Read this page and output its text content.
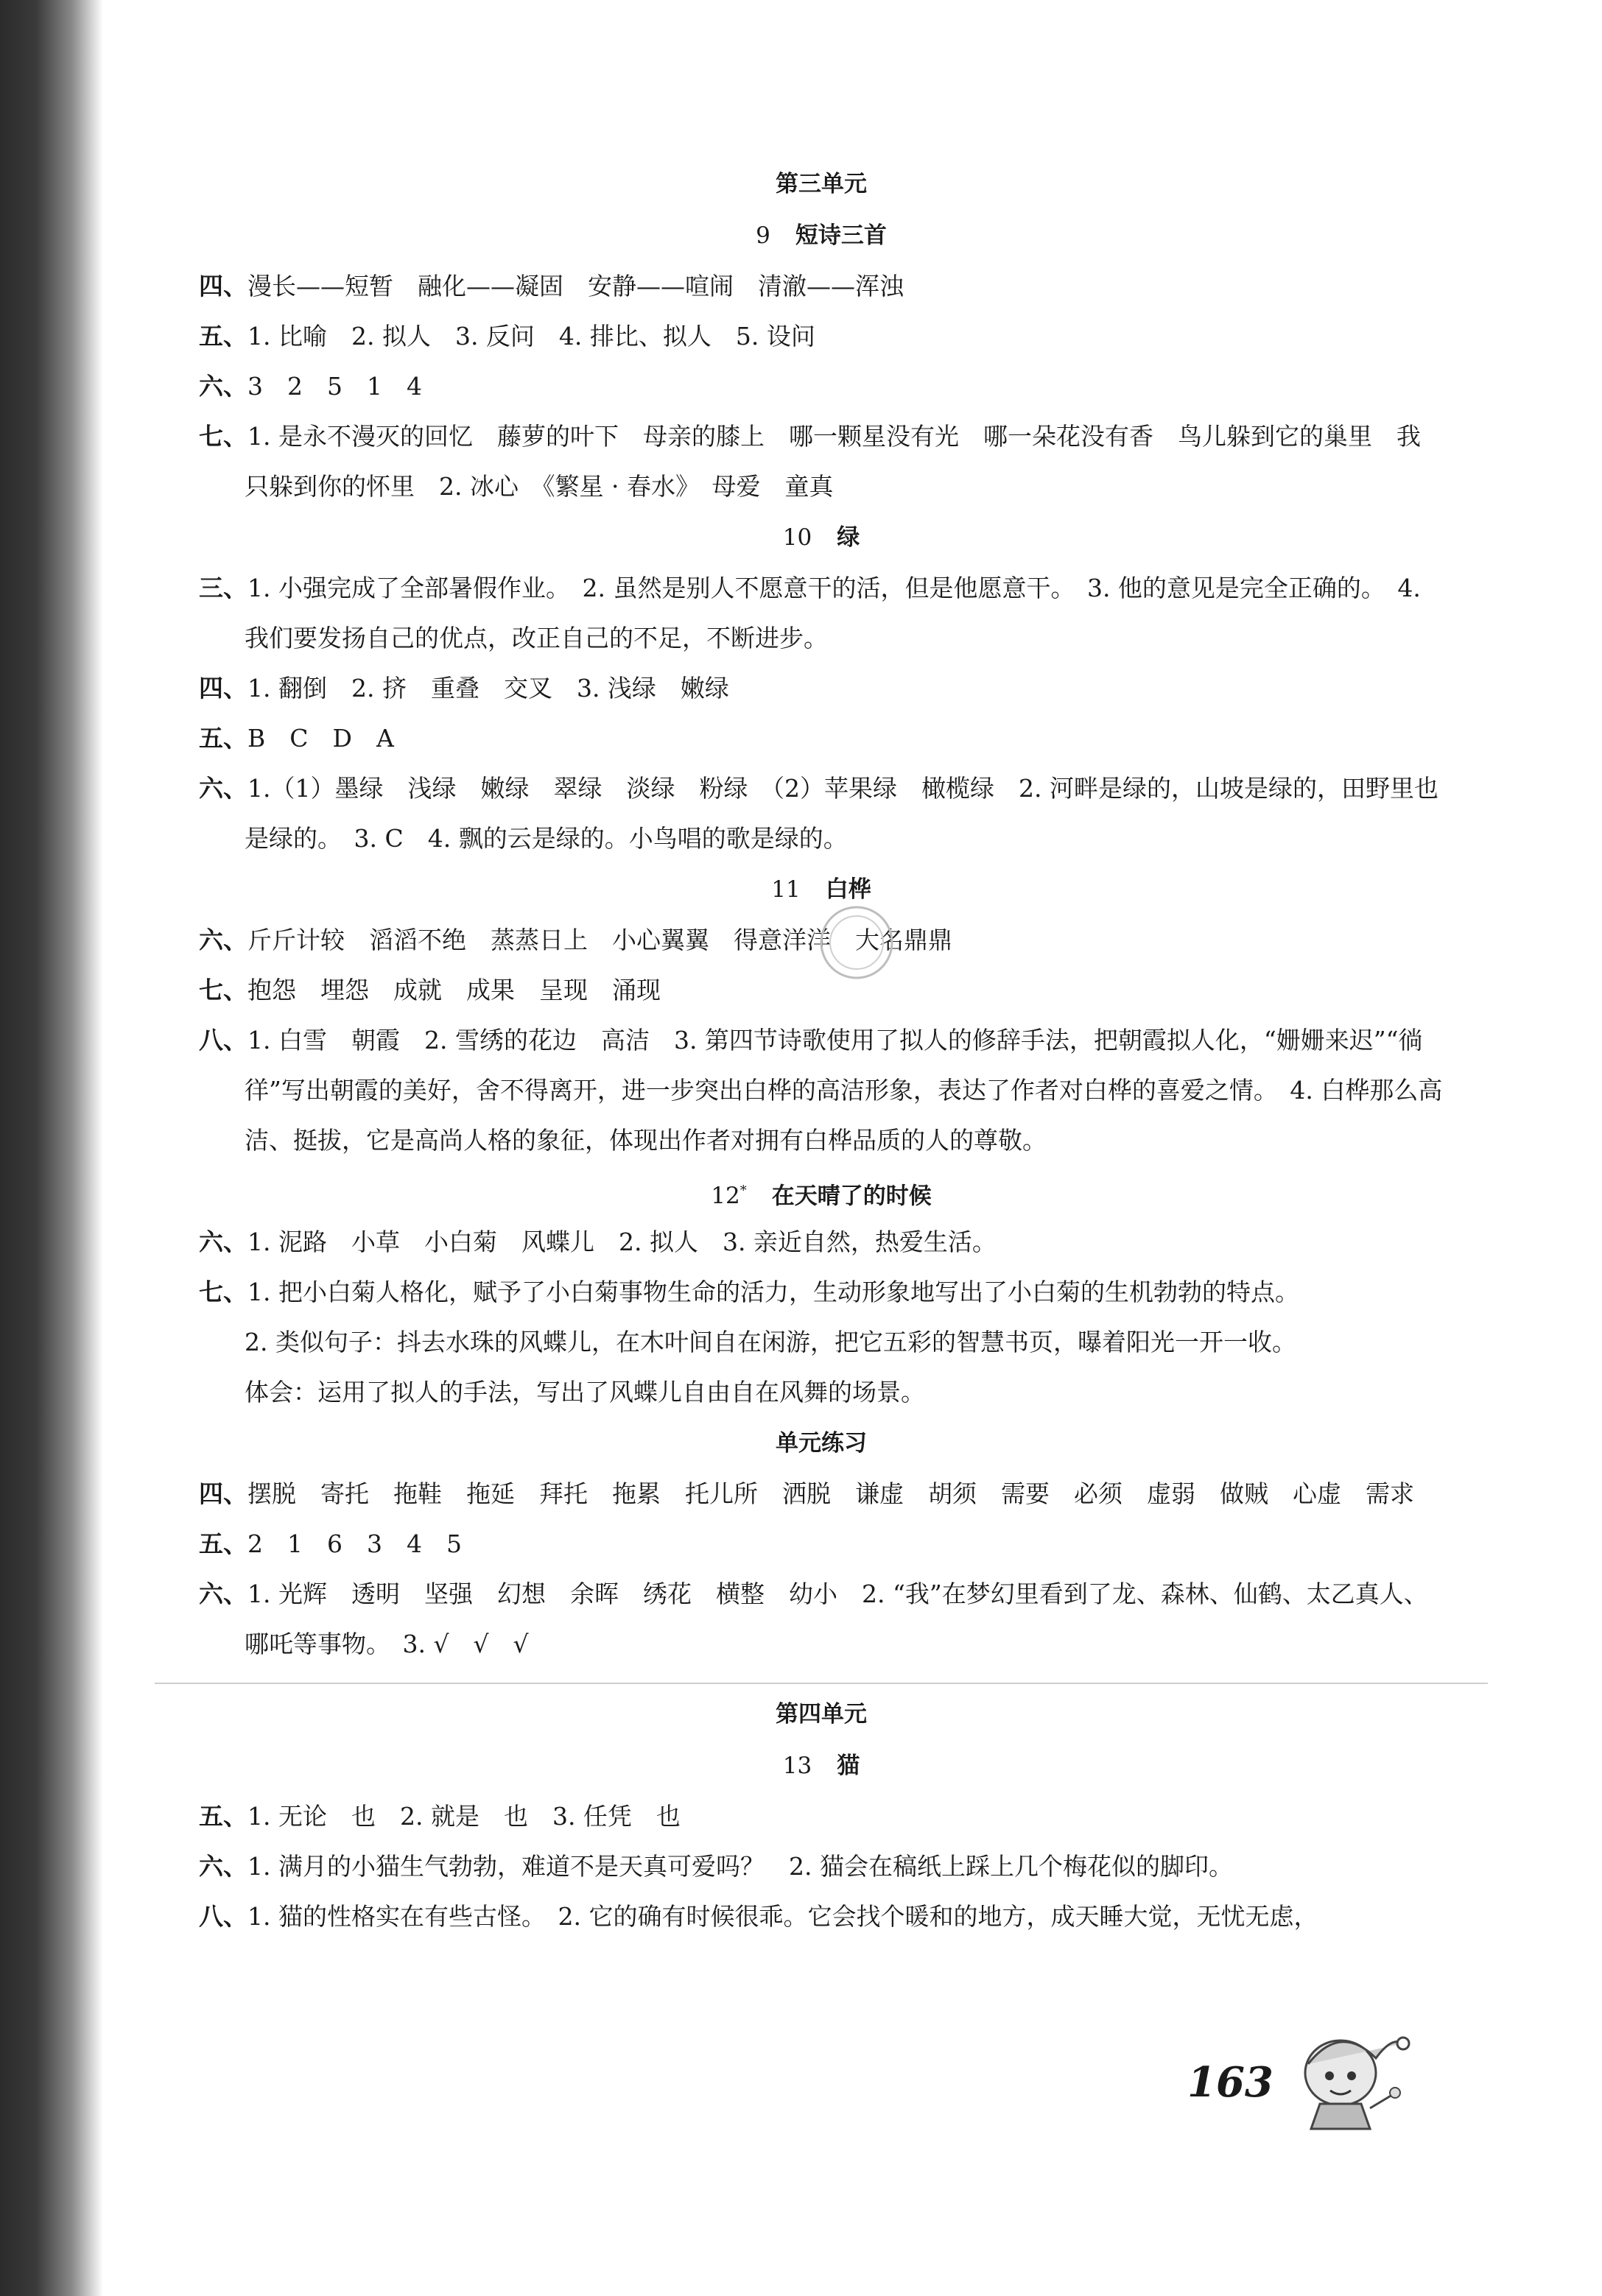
第三单元
9 短诗三首
四、漫长——短暂　融化——凝固　安静——喧闹　清澈——浑浊
五、1. 比喻　2. 拟人　3. 反问　4. 排比、拟人　5. 设问
六、3　2　5　1　4
七、1. 是永不漫灭的回忆　藤萝的叶下　母亲的膝上　哪一颗星没有光　哪一朵花没有香　鸟儿躲到它的巢里　我只躲到你的怀里　2. 冰心　《繁星 · 春水》　母爱　童真
10 绿
三、1. 小强完成了全部暑假作业。　2. 虽然是别人不愿意干的活，但是他愿意干。　3. 他的意见是完全正确的。　4. 我们要发扬自己的优点，改正自己的不足，不断进步。
四、1. 翻倒　2. 挤　重叠　交叉　3. 浅绿　嫩绿
五、B　C　D　A
六、1.（1）墨绿　浅绿　嫩绿　翠绿　淡绿　粉绿　（2）苹果绿　橄榄绿　2. 河畔是绿的，山坡是绿的，田野里也是绿的。　3. C　4. 飘的云是绿的。小鸟唱的歌是绿的。
11 白桦
六、斤斤计较　滔滔不绝　蒸蒸日上　小心翼翼　得意洋洋　大名鼎鼎
七、抱怨　埋怨　成就　成果　呈现　涌现
八、1. 白雪　朝霞　2. 雪绣的花边　高洁　3. 第四节诗歌使用了拟人的修辞手法，把朝霞拟人化，“姗姗来迟”“徜徉”写出朝霞的美好，舍不得离开，进一步突出白桦的高洁形象，表达了作者对白桦的喜爱之情。　4. 白桦那么高洁、挺拔，它是高尚人格的象征，体现出作者对拥有白桦品质的人的尊敬。
12* 在天晴了的时候
六、1. 泥路　小草　小白菊　风蝶儿　2. 拟人　3. 亲近自然，热爱生活。
七、1. 把小白菊人格化，赋予了小白菊事物生命的活力，生动形象地写出了小白菊的生机勃勃的特点。
2. 类似句子：抖去水珠的风蝶儿，在木叶间自在闲游，把它五彩的智慧书页，曝着阳光一开一收。
体会：运用了拟人的手法，写出了风蝶儿自由自在风舞的场景。
单元练习
四、摆脱　寄托　拖鞋　拖延　拜托　拖累　托儿所　洒脱　谦虚　胡须　需要　必须　虚弱　做贼　心虚　需求
五、2　1　6　3　4　5
六、1. 光辉　透明　坚强　幻想　余晖　绣花　横整　幼小　2. “我”在梦幻里看到了龙、森林、仙鹤、太乙真人、哪吒等事物。　3. √　√　√
第四单元
13 猫
五、1. 无论　也　2. 就是　也　3. 任凭　也
六、1. 满月的小猫生气勃勃，难道不是天真可爱吗？　2. 猫会在稿纸上踩上几个梅花似的脚印。
八、1. 猫的性格实在有些古怪。　2. 它的确有时候很乖。它会找个暖和的地方，成天睡大觉，无忧无虑，
163
